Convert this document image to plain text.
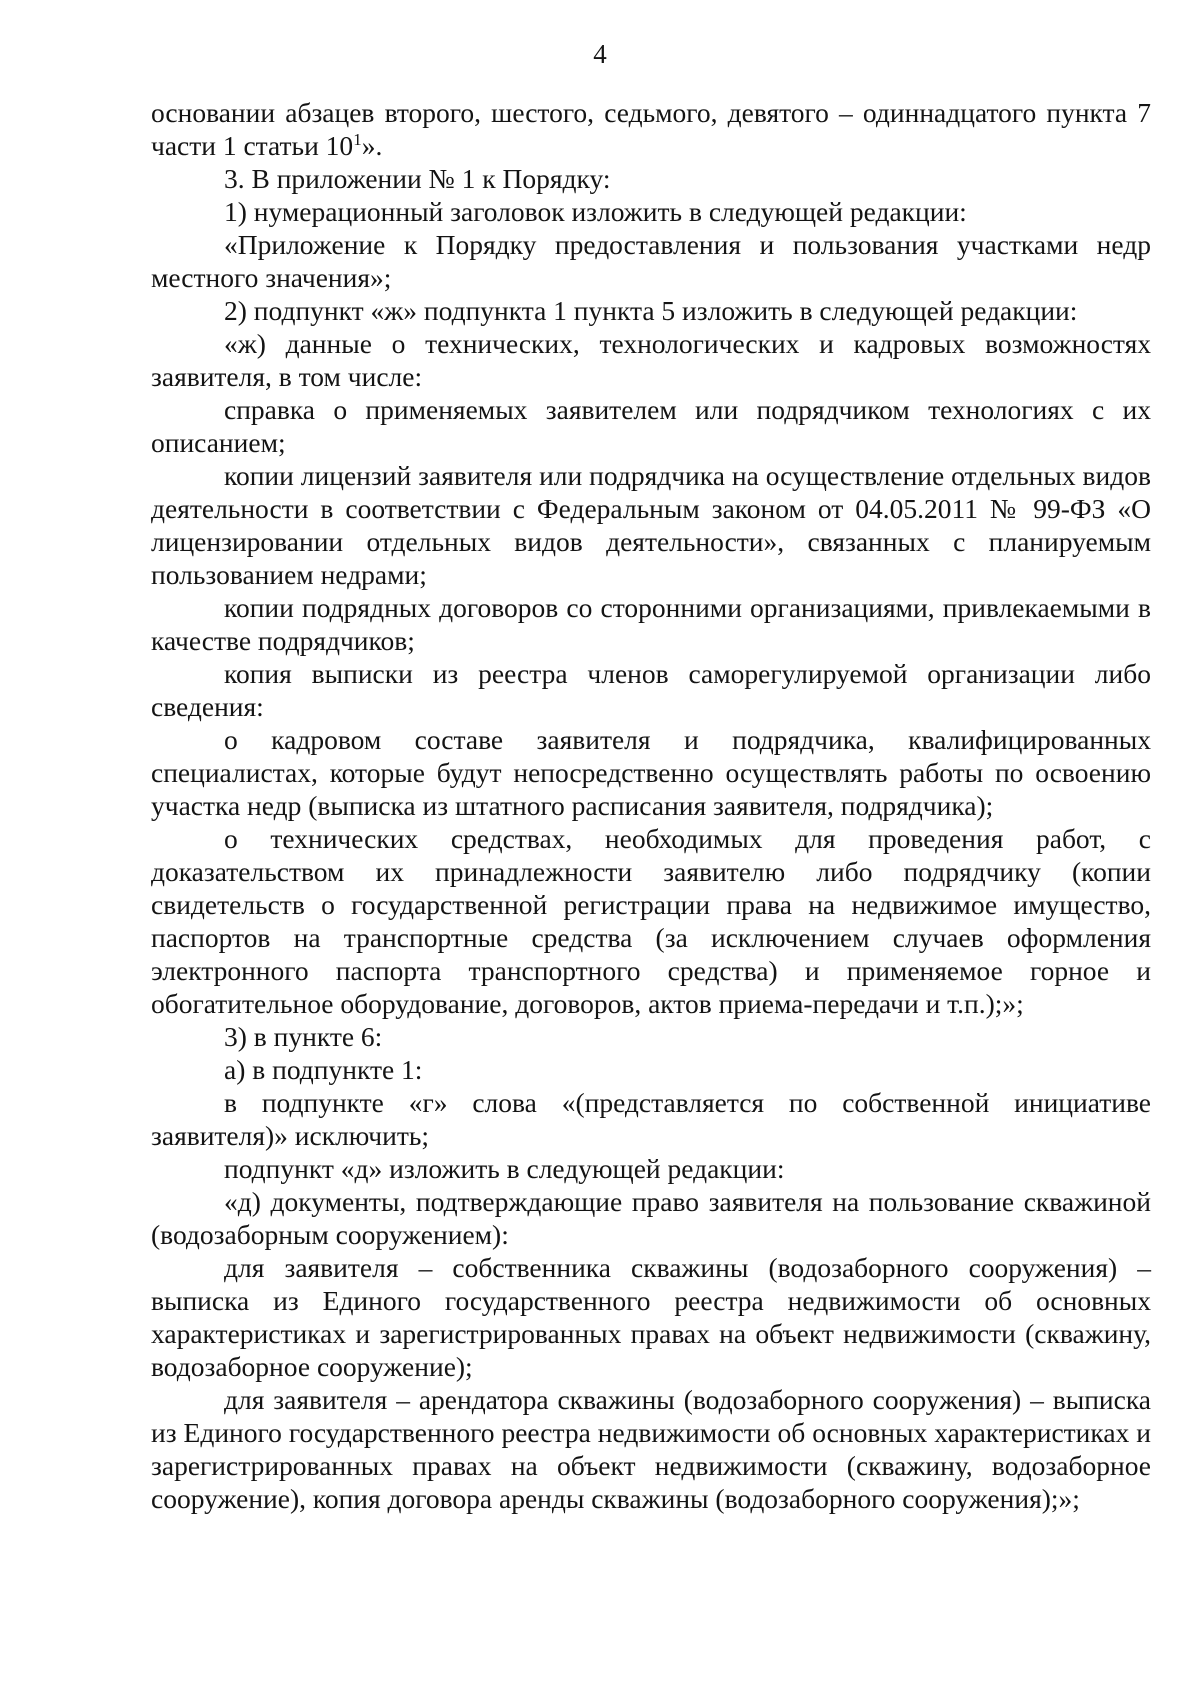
4

основании абзацев второго, шестого, седьмого, девятого – одиннадцатого пункта 7 части 1 статьи $10^1$».

3. В приложении № 1 к Порядку:

1) нумерационный заголовок изложить в следующей редакции:

«Приложение к Порядку предоставления и пользования участками недр местного значения»;

2) подпункт «ж» подпункта 1 пункта 5 изложить в следующей редакции:

«ж) данные о технических, технологических и кадровых возможностях заявителя, в том числе:

справка о применяемых заявителем или подрядчиком технологиях с их описанием;

копии лицензий заявителя или подрядчика на осуществление отдельных видов деятельности в соответствии с Федеральным законом от 04.05.2011 № 99-ФЗ «О лицензировании отдельных видов деятельности», связанных с планируемым пользованием недрами;

копии подрядных договоров со сторонними организациями, привлекаемыми в качестве подрядчиков;

копия выписки из реестра членов саморегулируемой организации либо сведения:

о кадровом составе заявителя и подрядчика, квалифицированных специалистах, которые будут непосредственно осуществлять работы по освоению участка недр (выписка из штатного расписания заявителя, подрядчика);

о технических средствах, необходимых для проведения работ, с доказательством их принадлежности заявителю либо подрядчику (копии свидетельств о государственной регистрации права на недвижимое имущество, паспортов на транспортные средства (за исключением случаев оформления электронного паспорта транспортного средства) и применяемое горное и обогатительное оборудование, договоров, актов приема-передачи и т.п.);»;

3) в пункте 6:

а) в подпункте 1:

в подпункте «г» слова «(представляется по собственной инициативе заявителя)» исключить;

подпункт «д» изложить в следующей редакции:

«д) документы, подтверждающие право заявителя на пользование скважиной (водозаборным сооружением):

для заявителя – собственника скважины (водозаборного сооружения) – выписка из Единого государственного реестра недвижимости об основных характеристиках и зарегистрированных правах на объект недвижимости (скважину, водозаборное сооружение);

для заявителя – арендатора скважины (водозаборного сооружения) – выписка из Единого государственного реестра недвижимости об основных характеристиках и зарегистрированных правах на объект недвижимости (скважину, водозаборное сооружение), копия договора аренды скважины (водозаборного сооружения);»;
